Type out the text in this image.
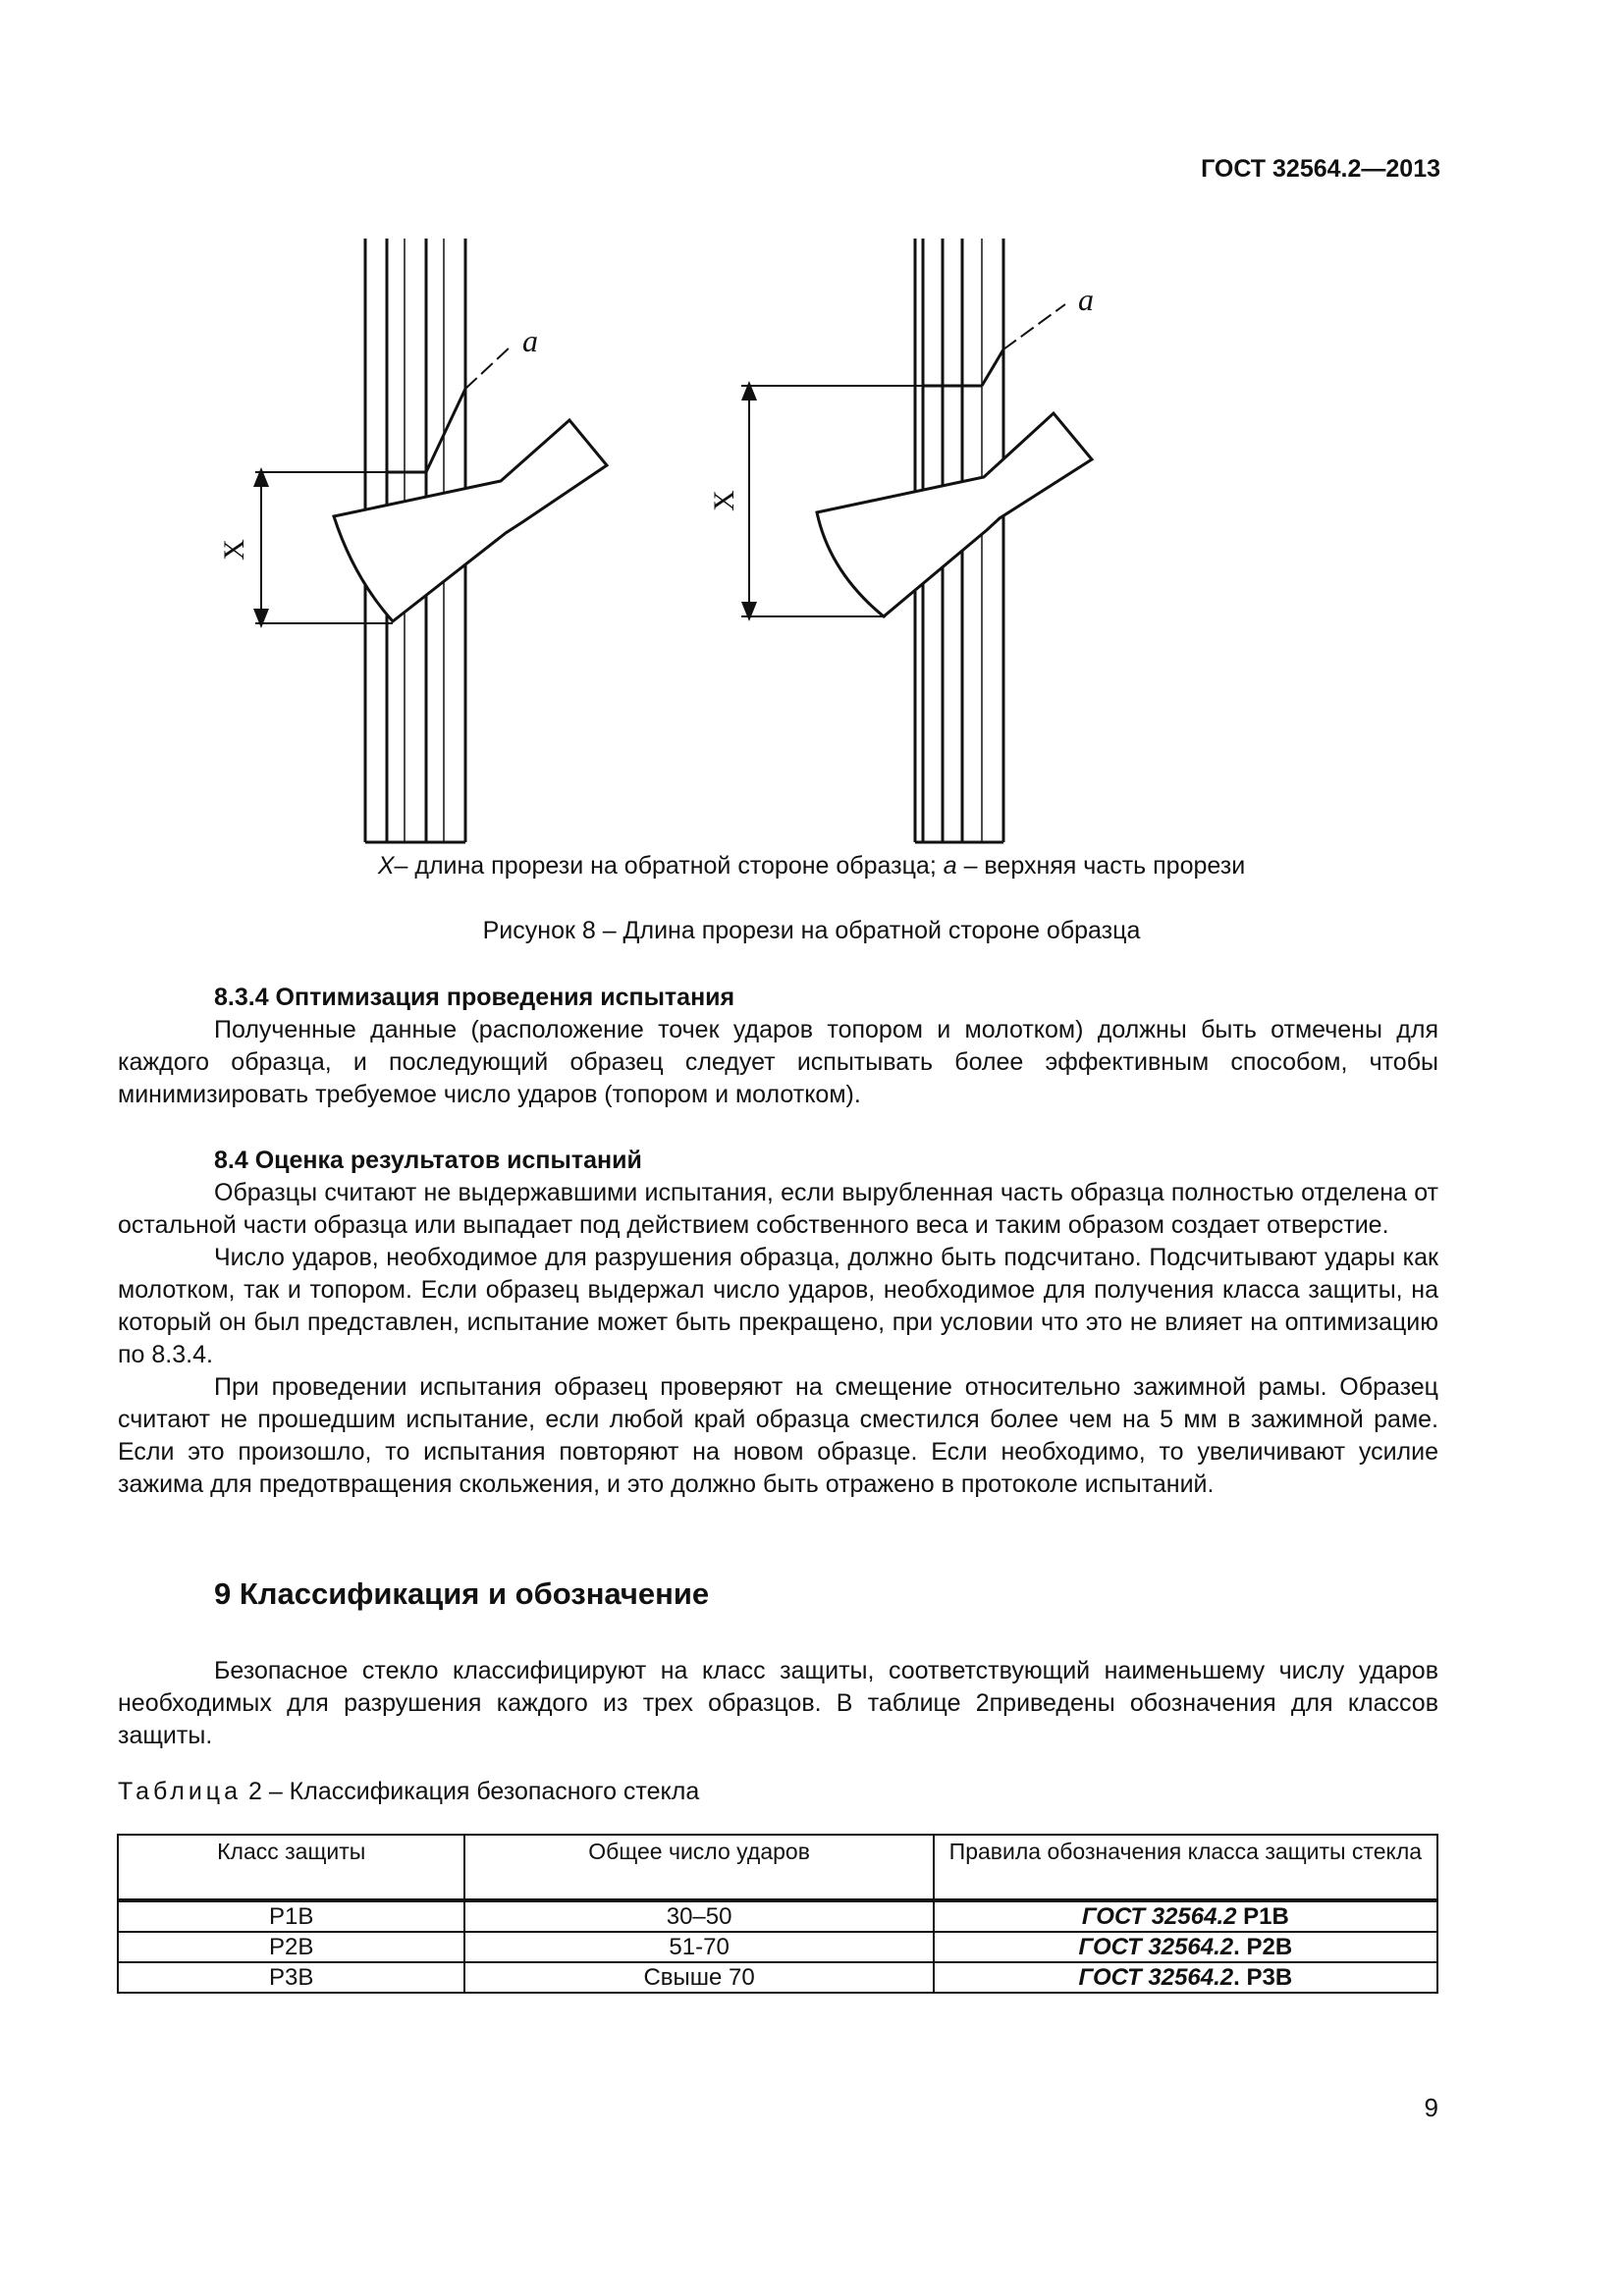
ГОСТ 32564.2—2013
a
X
a
X
X– длина прорези на обратной стороне образца; a – верхняя часть прорези
Рисунок 8 – Длина прорези на обратной стороне образца

8.3.4 Оптимизация проведения испытания

Полученные данные (расположение точек ударов топором и молотком) должны быть отмечены для каждого образца, и последующий образец следует испытывать более эффективным способом, чтобы минимизировать требуемое число ударов (топором и молотком).

8.4 Оценка результатов испытаний

Образцы считают не выдержавшими испытания, если вырубленная часть образца полностью отделена от остальной части образца или выпадает под действием собственного веса и таким образом создает отверстие.

Число ударов, необходимое для разрушения образца, должно быть подсчитано. Подсчитывают удары как молотком, так и топором. Если образец выдержал число ударов, необходимое для получения класса защиты, на который он был представлен, испытание может быть прекращено, при условии что это не влияет на оптимизацию по 8.3.4.

При проведении испытания образец проверяют на смещение относительно зажимной рамы. Образец считают не прошедшим испытание, если любой край образца сместился более чем на 5 мм в зажимной раме. Если это произошло, то испытания повторяют на новом образце. Если необходимо, то увеличивают усилие зажима для предотвращения скольжения, и это должно быть отражено в протоколе испытаний.

9 Классификация и обозначение

Безопасное стекло классифицируют на класс защиты, соответствующий наименьшему числу ударов необходимых для разрушения каждого из трех образцов. В таблице 2приведены обозначения для классов защиты.

Таблица 2 – Классификация безопасного стекла
Класс защиты	Общее число ударов	Правила обозначения класса защиты стекла
Р1В	30–50	ГОСТ 32564.2 Р1В
Р2В	51-70	ГОСТ 32564.2. Р2В
Р3В	Свыше 70	ГОСТ 32564.2. Р3В
9
